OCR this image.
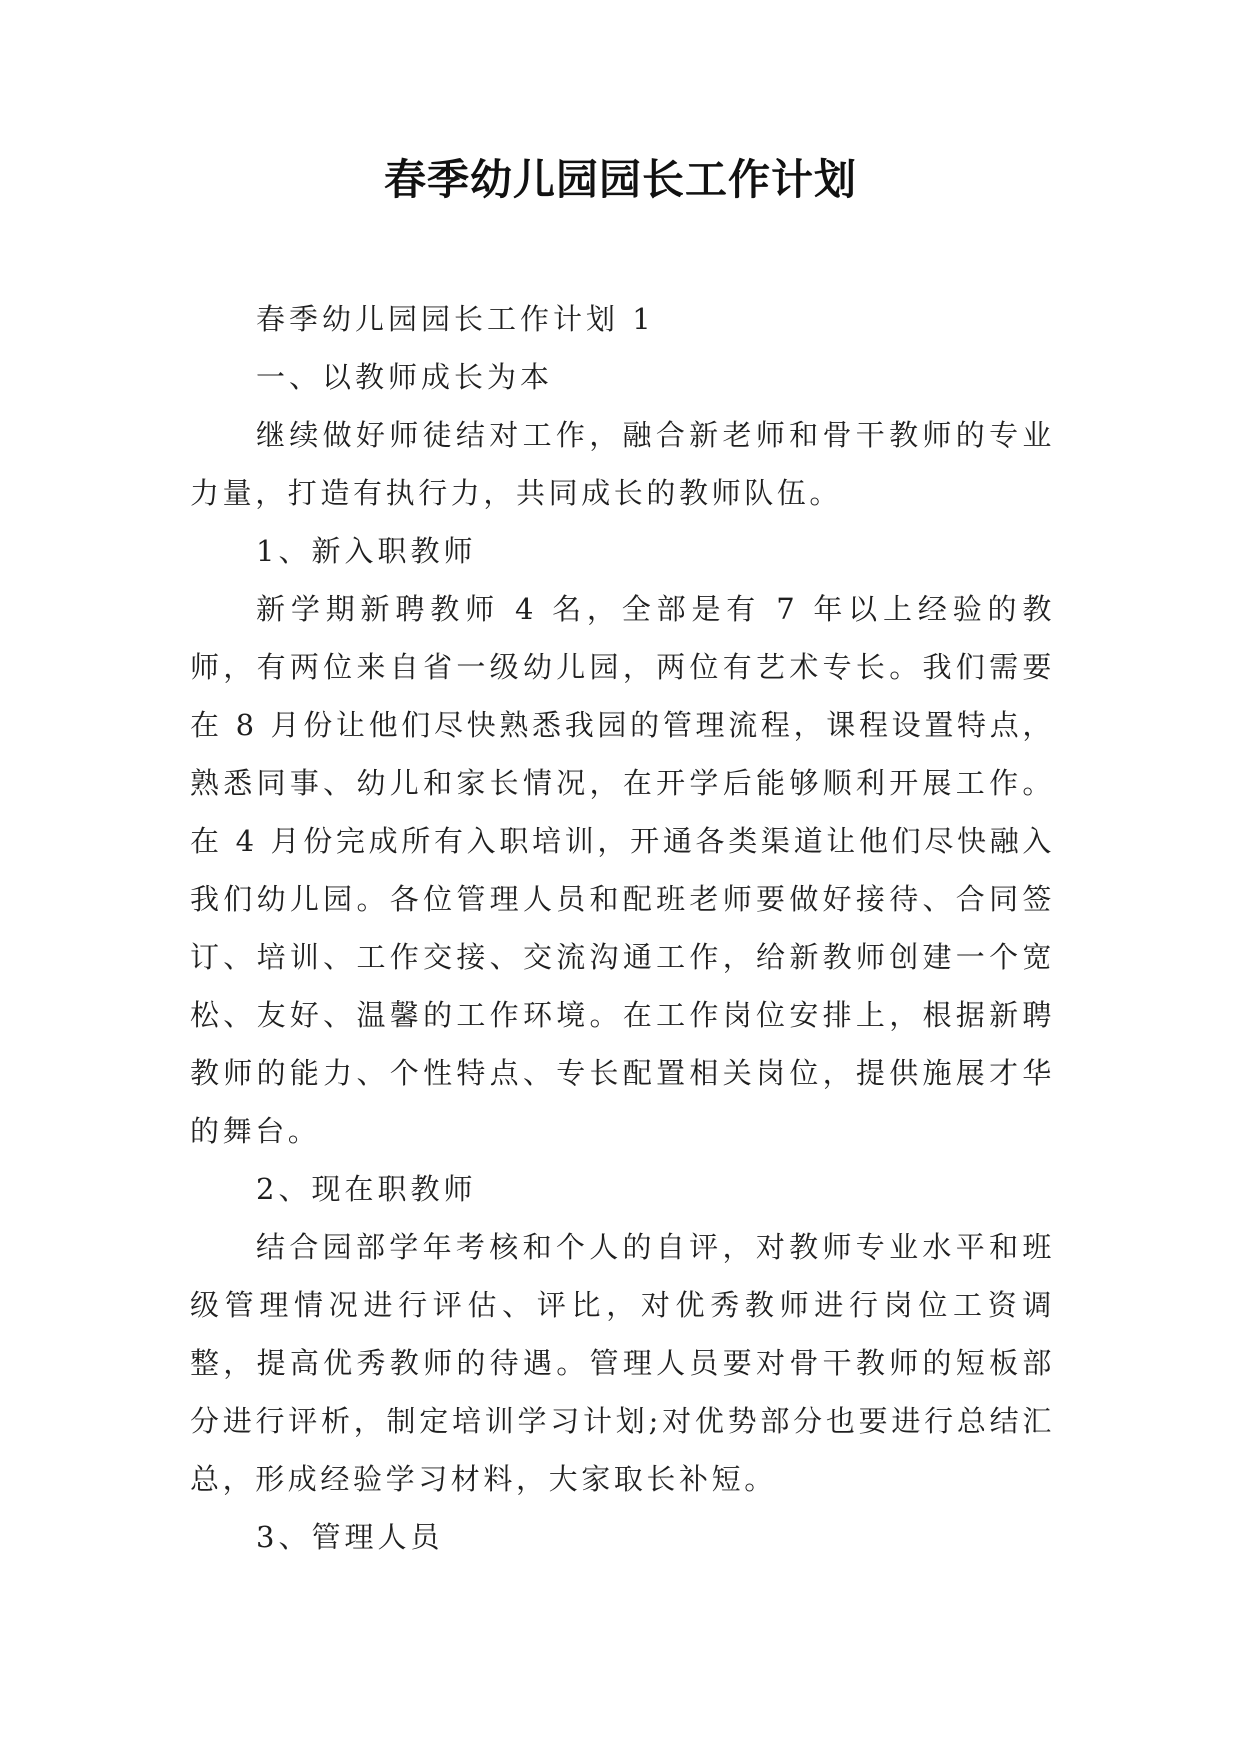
春季幼儿园园长工作计划

春季幼儿园园长工作计划 1

一、以教师成长为本

继续做好师徒结对工作，融合新老师和骨干教师的专业力量，打造有执行力，共同成长的教师队伍。

1、新入职教师

新学期新聘教师 4 名，全部是有 7 年以上经验的教师，有两位来自省一级幼儿园，两位有艺术专长。我们需要在 8 月份让他们尽快熟悉我园的管理流程，课程设置特点，熟悉同事、幼儿和家长情况，在开学后能够顺利开展工作。在 4 月份完成所有入职培训，开通各类渠道让他们尽快融入我们幼儿园。各位管理人员和配班老师要做好接待、合同签订、培训、工作交接、交流沟通工作，给新教师创建一个宽松、友好、温馨的工作环境。在工作岗位安排上，根据新聘教师的能力、个性特点、专长配置相关岗位，提供施展才华的舞台。

2、现在职教师

结合园部学年考核和个人的自评，对教师专业水平和班级管理情况进行评估、评比，对优秀教师进行岗位工资调整，提高优秀教师的待遇。管理人员要对骨干教师的短板部分进行评析，制定培训学习计划;对优势部分也要进行总结汇总，形成经验学习材料，大家取长补短。

3、管理人员
